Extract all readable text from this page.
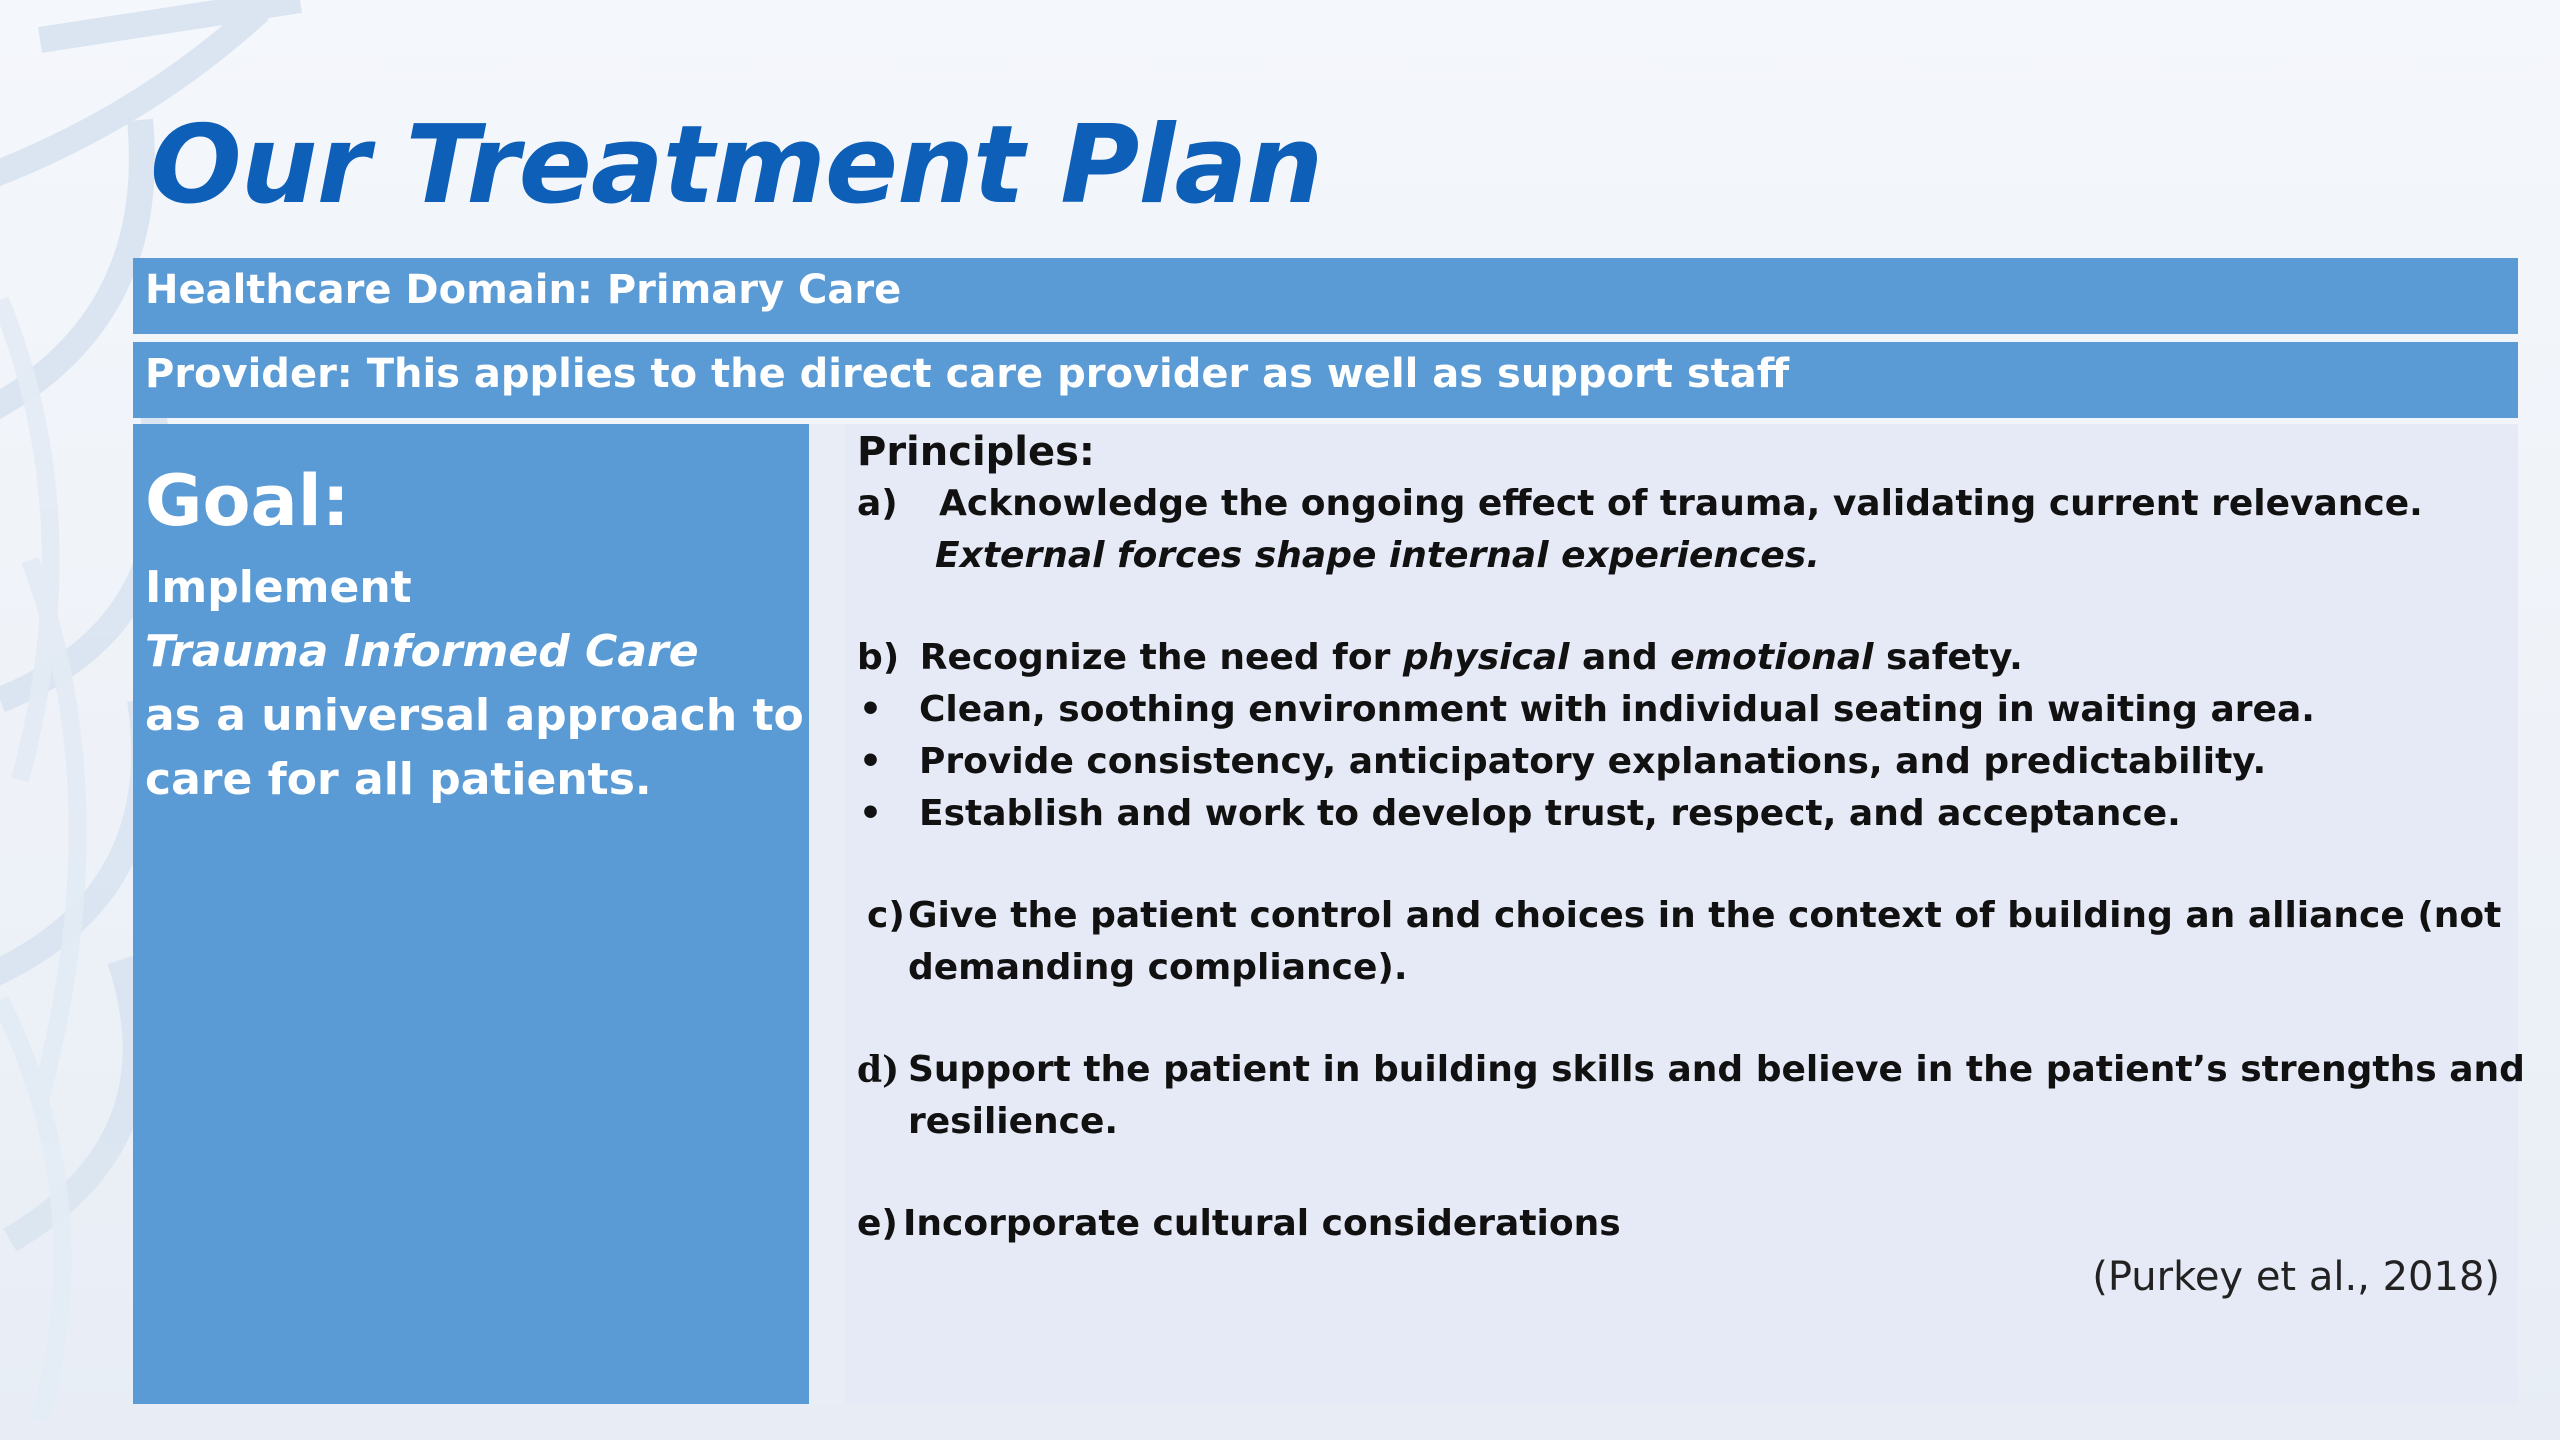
Our Treatment Plan
Healthcare Domain: Primary Care
Provider: This applies to the direct care provider as well as support staff
Goal:
Implement
Trauma Informed Care
as a universal approach to
care for all patients.
Principles:
a) Acknowledge the ongoing effect of trauma, validating current relevance.
External forces shape internal experiences.
b) Recognize the need for physical and emotional safety.
• Clean, soothing environment with individual seating in waiting area.
• Provide consistency, anticipatory explanations, and predictability.
• Establish and work to develop trust, respect, and acceptance.
c) Give the patient control and choices in the context of building an alliance (not
demanding compliance).
d) Support the patient in building skills and believe in the patient’s strengths and
resilience.
e) Incorporate cultural considerations
(Purkey et al., 2018)
